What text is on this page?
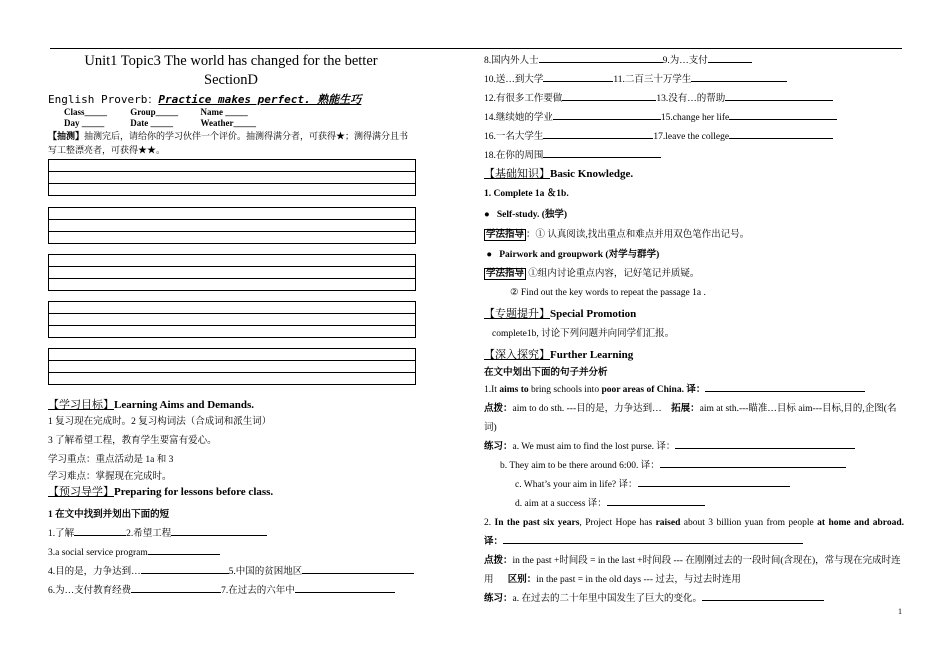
Unit1 Topic3 The world has changed for the better
SectionD
English Proverb：Practice makes perfect. 熟能生巧
Class_____	Group_____ Name _____
Day _____	Date _____	Weather_____
【抽测】抽测完后，请给你的学习伙伴一个评价。抽测得满分者，可获得★；测得满分且书写工整漂亮者，可获得★★。
【学习目标】Learning Aims and Demands.
1 复习现在完成时。2 复习构词法（合成词和派生词）
3 了解希望工程，教育学生要富有爱心。
学习重点：重点活动是 1a 和 3
学习难点：掌握现在完成时。
【预习导学】Preparing for lessons before class.
1 在文中找到并划出下面的短
1.了解	2.希望工程
3.a social service program
4.目的是，力争达到…	5.中国的贫困地区
6.为…支付教育经费	7.在过去的六年中
8.国内外人士	9.为…支付
10.送…到大学	11.二百三十万学生
12.有很多工作要做	13.没有…的帮助
14.继续她的学业	15.change her life
16.一名大学生	17.leave the college
18.在你的周围
【基础知识】Basic Knowledge.
1. Complete 1a ＆1b.
● Self-study. (独学)
学法指导 ：① 认真阅读,找出重点和难点并用双色笔作出记号。
● Pairwork and groupwork (对学与群学)
学法指导 ①组内讨论重点内容，记好笔记并质疑。
② Find out the key words to repeat the passage 1a .
【专题提升】Special Promotion
complete1b, 讨论下列问题并向同学们汇报。
【深入探究】Further Learning
在文中划出下面的句子并分析
1.It aims to bring schools into poor areas of China. 译：
点拨：aim to do sth. ---目的是，力争达到… 拓展：aim at sth.---瞄准…目标 aim---目标,目的,企图(名词)
练习：a. We must aim to find the lost purse. 译：
b. They aim to be there around 6:00. 译：
c. What’s your aim in life? 译：
d. aim at a success 译：
2. In the past six years, Project Hope has raised about 3 billion yuan from people at home and abroad. 译：
点拨：in the past +时间段 = in the last +时间段 --- 在刚刚过去的一段时间(含现在)，常与现在完成时连用 区别：in the past = in the old days --- 过去，与过去时连用
练习：a. 在过去的二十年里中国发生了巨大的变化。
1
